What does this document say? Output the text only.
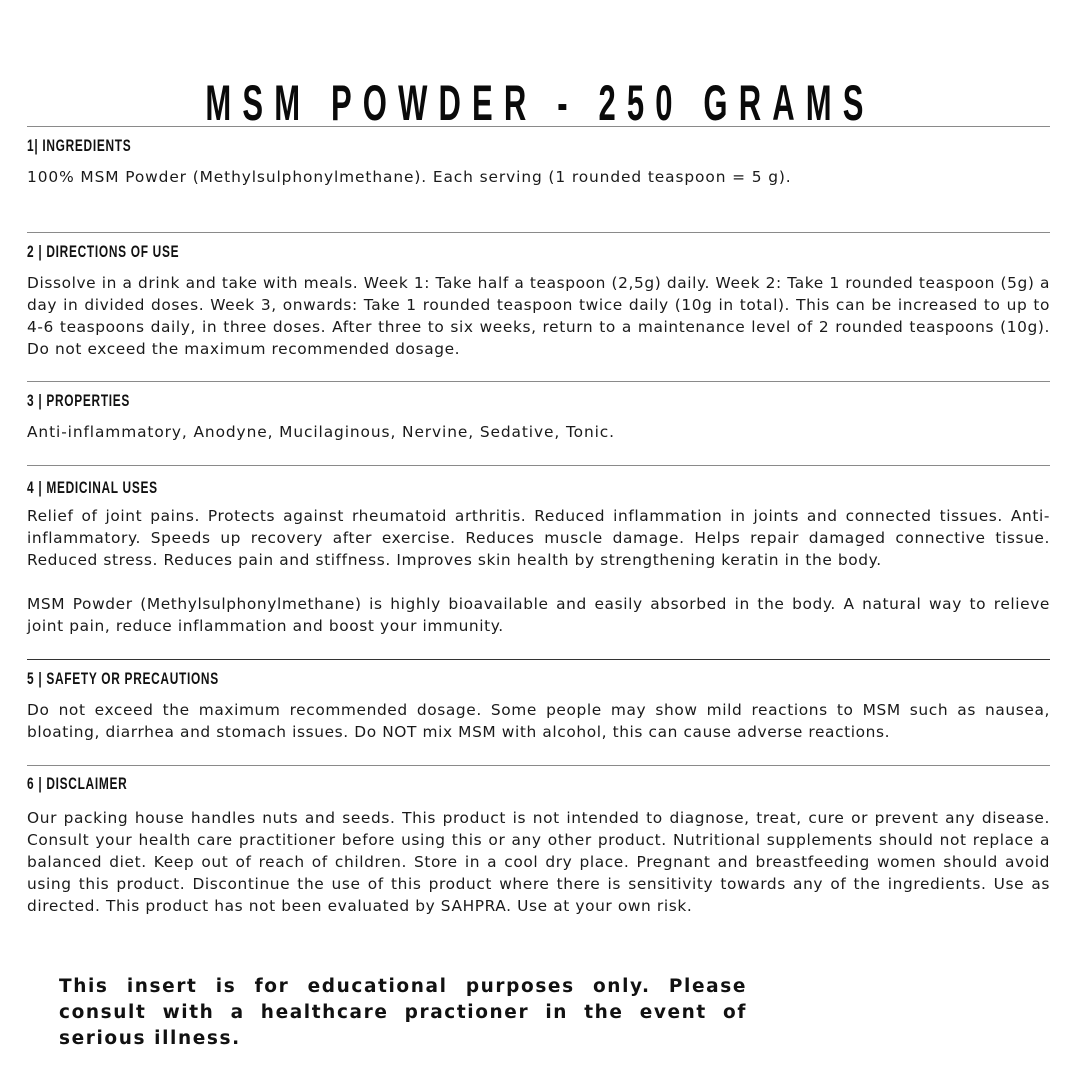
MSM POWDER - 250 GRAMS
1| INGREDIENTS

100% MSM Powder (Methylsulphonylmethane). Each serving (1 rounded teaspoon = 5 g).

2 | DIRECTIONS OF USE

Dissolve in a drink and take with meals. Week 1: Take half a teaspoon (2,5g) daily. Week 2: Take 1 rounded teaspoon (5g) a day in divided doses. Week 3, onwards: Take 1 rounded teaspoon twice daily (10g in total). This can be increased to up to 4-6 teaspoons daily, in three doses. After three to six weeks, return to a maintenance level of 2 rounded teaspoons (10g). Do not exceed the maximum recommended dosage.

3 | PROPERTIES

Anti-inflammatory, Anodyne, Mucilaginous, Nervine, Sedative, Tonic.

4 | MEDICINAL USES

Relief of joint pains. Protects against rheumatoid arthritis. Reduced inflammation in joints and connected tissues. Anti-inflammatory. Speeds up recovery after exercise. Reduces muscle damage. Helps repair damaged connective tissue. Reduced stress. Reduces pain and stiffness. Improves skin health by strengthening keratin in the body.

MSM Powder (Methylsulphonylmethane) is highly bioavailable and easily absorbed in the body. A natural way to relieve joint pain, reduce inflammation and boost your immunity.

5 | SAFETY OR PRECAUTIONS

Do not exceed the maximum recommended dosage. Some people may show mild reactions to MSM such as nausea, bloating, diarrhea and stomach issues. Do NOT mix MSM with alcohol, this can cause adverse reactions.

6 | DISCLAIMER

Our packing house handles nuts and seeds. This product is not intended to diagnose, treat, cure or prevent any disease. Consult your health care practitioner before using this or any other product. Nutritional supplements should not replace a balanced diet. Keep out of reach of children. Store in a cool dry place. Pregnant and breastfeeding women should avoid using this product. Discontinue the use of this product where there is sensitivity towards any of the ingredients. Use as directed. This product has not been evaluated by SAHPRA. Use at your own risk.

This insert is for educational purposes only. Please consult with a healthcare practioner in the event of serious illness.
